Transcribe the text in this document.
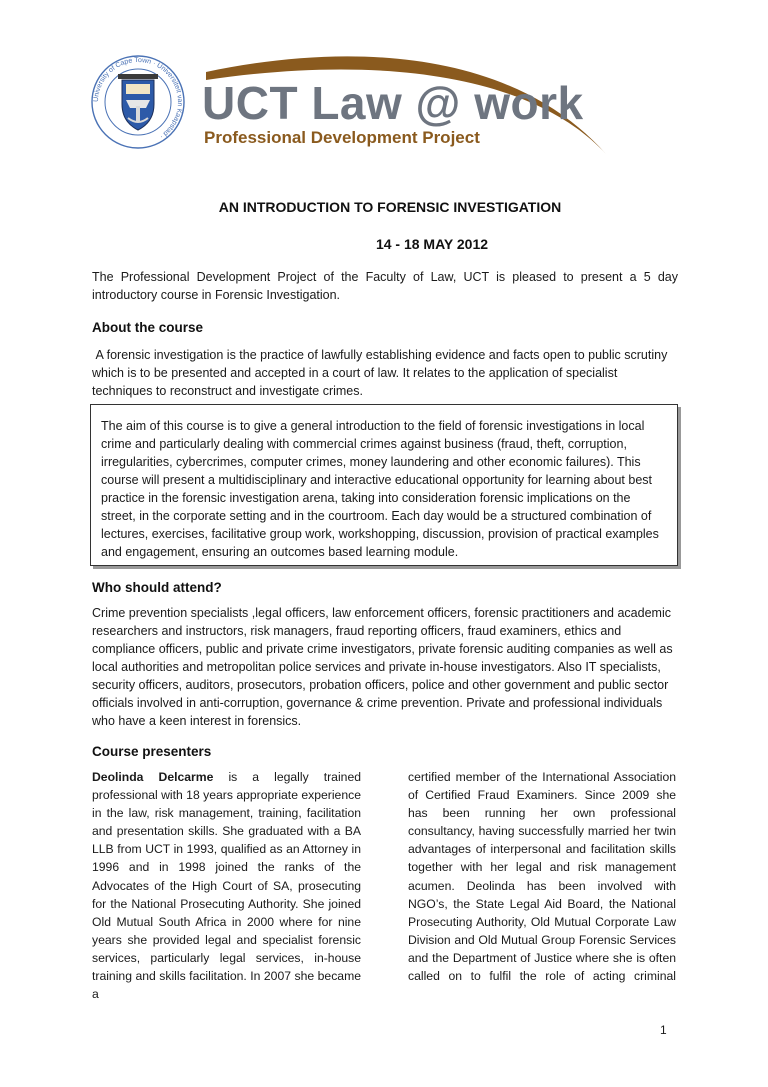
University of Cape Town · Universiteit van Kaapstad ·
UCT Law @ work
Professional Development Project
AN INTRODUCTION TO FORENSIC INVESTIGATION
14 - 18 MAY 2012
The Professional Development Project of the Faculty of Law, UCT is pleased to present a 5 day introductory course in Forensic Investigation.
About the course
A forensic investigation is the practice of lawfully establishing evidence and facts open to public scrutiny which is to be presented and accepted in a court of law. It relates to the application of specialist techniques to reconstruct and investigate crimes.
The aim of this course is to give a general introduction to the field of forensic investigations in local crime and particularly dealing with commercial crimes against business (fraud, theft, corruption, irregularities, cybercrimes, computer crimes, money laundering and other economic failures). This course will present a multidisciplinary and interactive educational opportunity for learning about best practice in the forensic investigation arena, taking into consideration forensic implications on the street, in the corporate setting and in the courtroom. Each day would be a structured combination of lectures, exercises, facilitative group work, workshopping, discussion, provision of practical examples and engagement, ensuring an outcomes based learning module.
Who should attend?
Crime prevention specialists ,legal officers, law enforcement officers, forensic practitioners and academic researchers and instructors, risk managers, fraud reporting officers, fraud examiners, ethics and compliance officers, public and private crime investigators, private forensic auditing companies as well as local authorities and metropolitan police services and private in-house investigators. Also IT specialists, security officers, auditors, prosecutors, probation officers, police and other government and public sector officials involved in anti-corruption, governance & crime prevention. Private and professional individuals who have a keen interest in forensics.
Course presenters
Deolinda Delcarme is a legally trained professional with 18 years appropriate experience in the law, risk management, training, facilitation and presentation skills. She graduated with a BA LLB from UCT in 1993, qualified as an Attorney in 1996 and in 1998 joined the ranks of the Advocates of the High Court of SA, prosecuting for the National Prosecuting Authority. She joined Old Mutual South Africa in 2000 where for nine years she provided legal and specialist forensic services, particularly legal services, in-house training and skills facilitation. In 2007 she became a
certified member of the International Association of Certified Fraud Examiners. Since 2009 she has been running her own professional consultancy, having successfully married her twin advantages of interpersonal and facilitation skills together with her legal and risk management acumen. Deolinda has been involved with NGO’s, the State Legal Aid Board, the National Prosecuting Authority, Old Mutual Corporate Law Division and Old Mutual Group Forensic Services and the Department of Justice where she is often called on to fulfil the role of acting criminal
1
